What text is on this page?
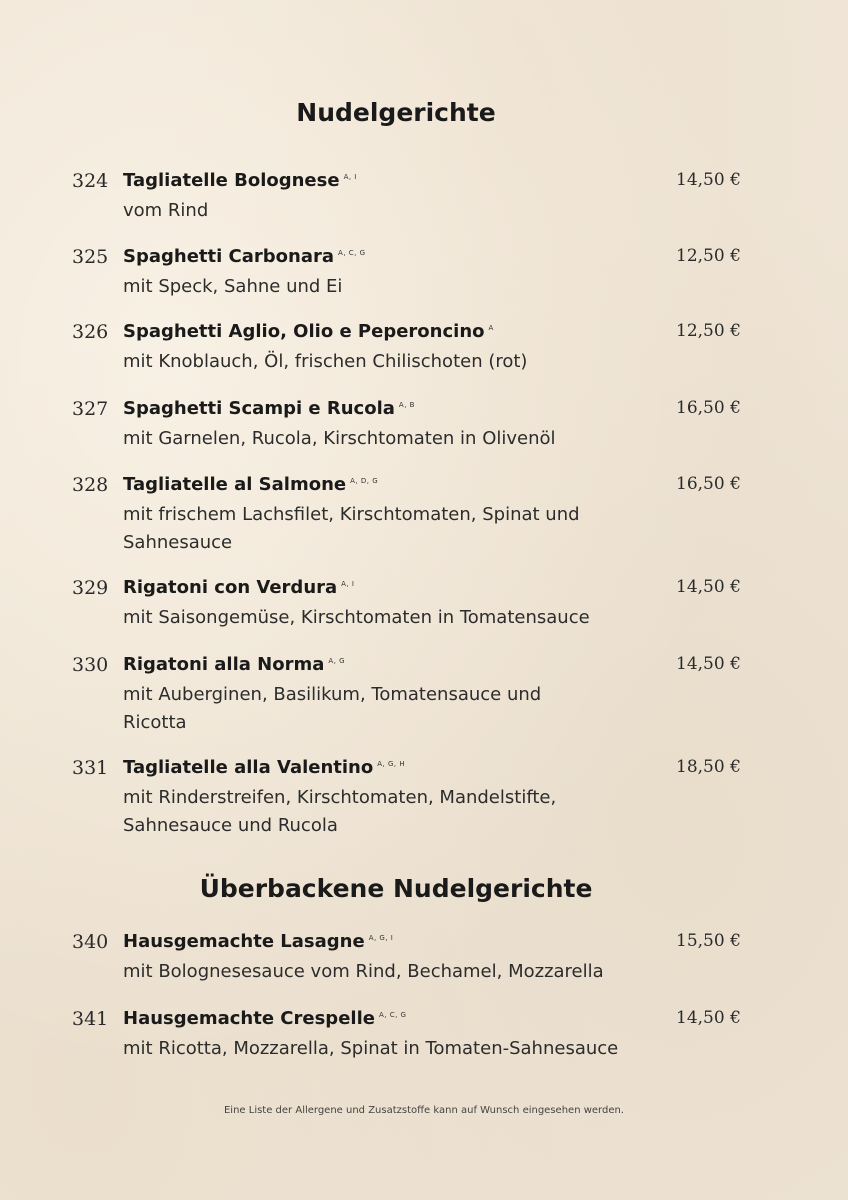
Nudelgerichte
324 Tagliatelle Bolognese $^{A, I}$	14,50 €
vom Rind
325 Spaghetti Carbonara $^{A, C, G}$	12,50 €
mit Speck, Sahne und Ei
326 Spaghetti Aglio, Olio e Peperoncino $^A$	12,50 €
mit Knoblauch, Öl, frischen Chilischoten (rot)
327 Spaghetti Scampi e Rucola $^{A, B}$	16,50 €
mit Garnelen, Rucola, Kirschtomaten in Olivenöl
328 Tagliatelle al Salmone $^{A, D, G}$	16,50 €
mit frischem Lachsfilet, Kirschtomaten, Spinat und Sahnesauce
329 Rigatoni con Verdura $^{A, I}$	14,50 €
mit Saisongemüse, Kirschtomaten in Tomatensauce
330 Rigatoni alla Norma $^{A, G}$	14,50 €
mit Auberginen, Basilikum, Tomatensauce und Ricotta
331 Tagliatelle alla Valentino $^{A, G, H}$	18,50 €
mit Rinderstreifen, Kirschtomaten, Mandelstifte, Sahnesauce und Rucola
Überbackene Nudelgerichte
340 Hausgemachte Lasagne $^{A, G, I}$	15,50 €
mit Bolognesesauce vom Rind, Bechamel, Mozzarella
341 Hausgemachte Crespelle $^{A, C, G}$	14,50 €
mit Ricotta, Mozzarella, Spinat in Tomaten-Sahnesauce
Eine Liste der Allergene und Zusatzstoffe kann auf Wunsch eingesehen werden.
